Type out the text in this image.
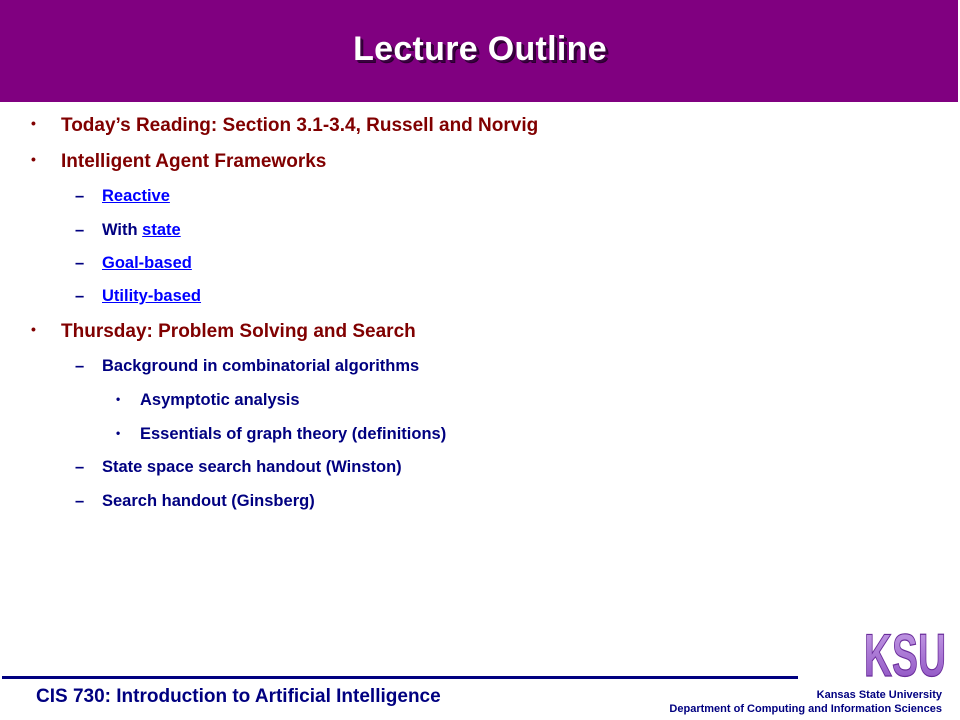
Lecture Outline
• Today’s Reading: Section 3.1-3.4, Russell and Norvig
• Intelligent Agent Frameworks
– Reactive
– With state
– Goal-based
– Utility-based
• Thursday: Problem Solving and Search
– Background in combinatorial algorithms
• Asymptotic analysis
• Essentials of graph theory (definitions)
– State space search handout (Winston)
– Search handout (Ginsberg)
KSU
CIS 730: Introduction to Artificial Intelligence	Kansas State University
Department of Computing and Information Sciences
